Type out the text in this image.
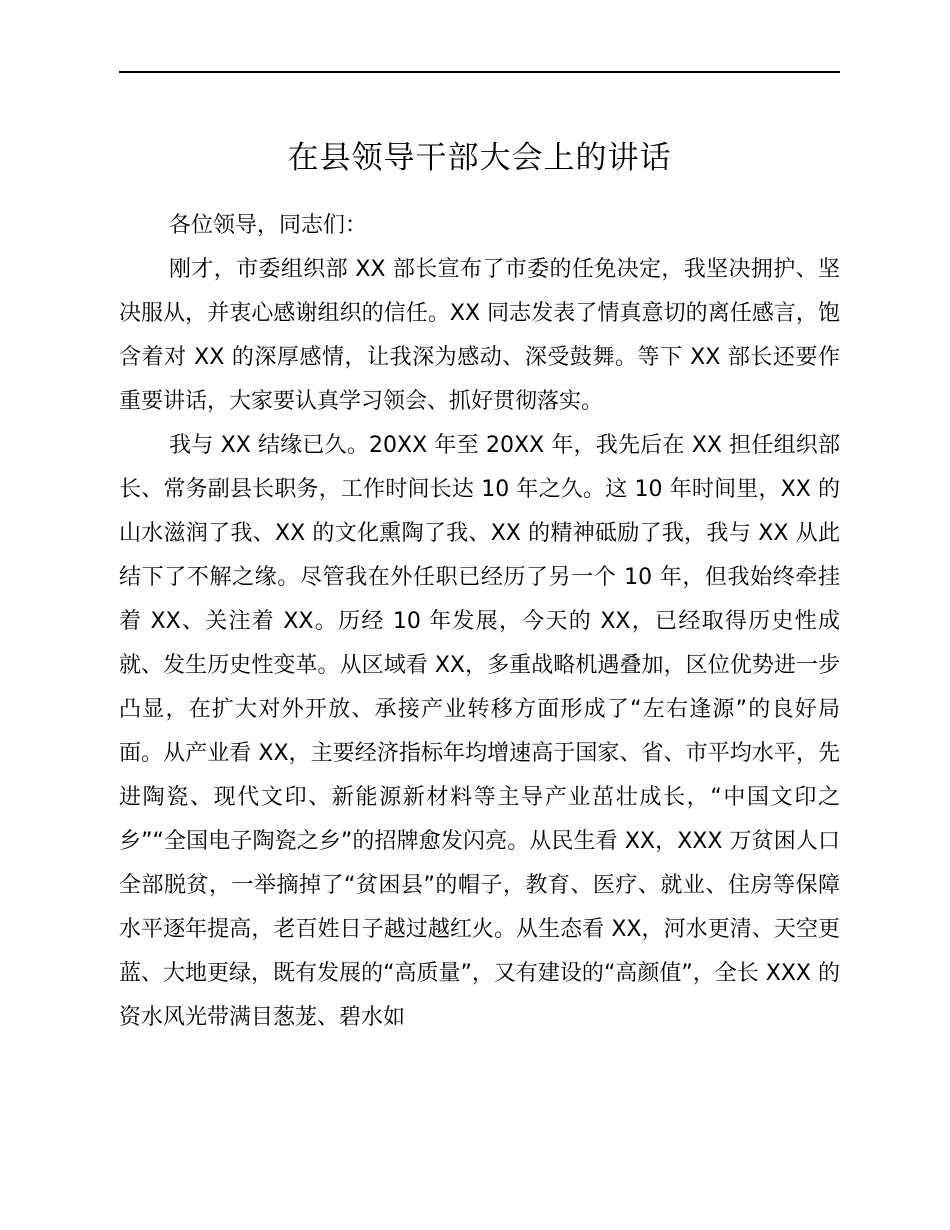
在县领导干部大会上的讲话

各位领导，同志们：

刚才，市委组织部 XX 部长宣布了市委的任免决定，我坚决拥护、坚决服从，并衷心感谢组织的信任。XX 同志发表了情真意切的离任感言，饱含着对 XX 的深厚感情，让我深为感动、深受鼓舞。等下 XX 部长还要作重要讲话，大家要认真学习领会、抓好贯彻落实。

我与 XX 结缘已久。20XX 年至 20XX 年，我先后在 XX 担任组织部长、常务副县长职务，工作时间长达 10 年之久。这 10 年时间里，XX 的山水滋润了我、XX 的文化熏陶了我、XX 的精神砥励了我，我与 XX 从此结下了不解之缘。尽管我在外任职已经历了另一个 10 年，但我始终牵挂着 XX、关注着 XX。历经 10 年发展，今天的 XX，已经取得历史性成就、发生历史性变革。从区域看 XX，多重战略机遇叠加，区位优势进一步凸显，在扩大对外开放、承接产业转移方面形成了“左右逢源”的良好局面。从产业看 XX，主要经济指标年均增速高于国家、省、市平均水平，先进陶瓷、现代文印、新能源新材料等主导产业茁壮成长，“中国文印之乡”“全国电子陶瓷之乡”的招牌愈发闪亮。从民生看 XX，XXX 万贫困人口全部脱贫，一举摘掉了“贫困县”的帽子，教育、医疗、就业、住房等保障水平逐年提高，老百姓日子越过越红火。从生态看 XX，河水更清、天空更蓝、大地更绿，既有发展的“高质量”，又有建设的“高颜值”，全长 XXX 的资水风光带满目葱茏、碧水如
